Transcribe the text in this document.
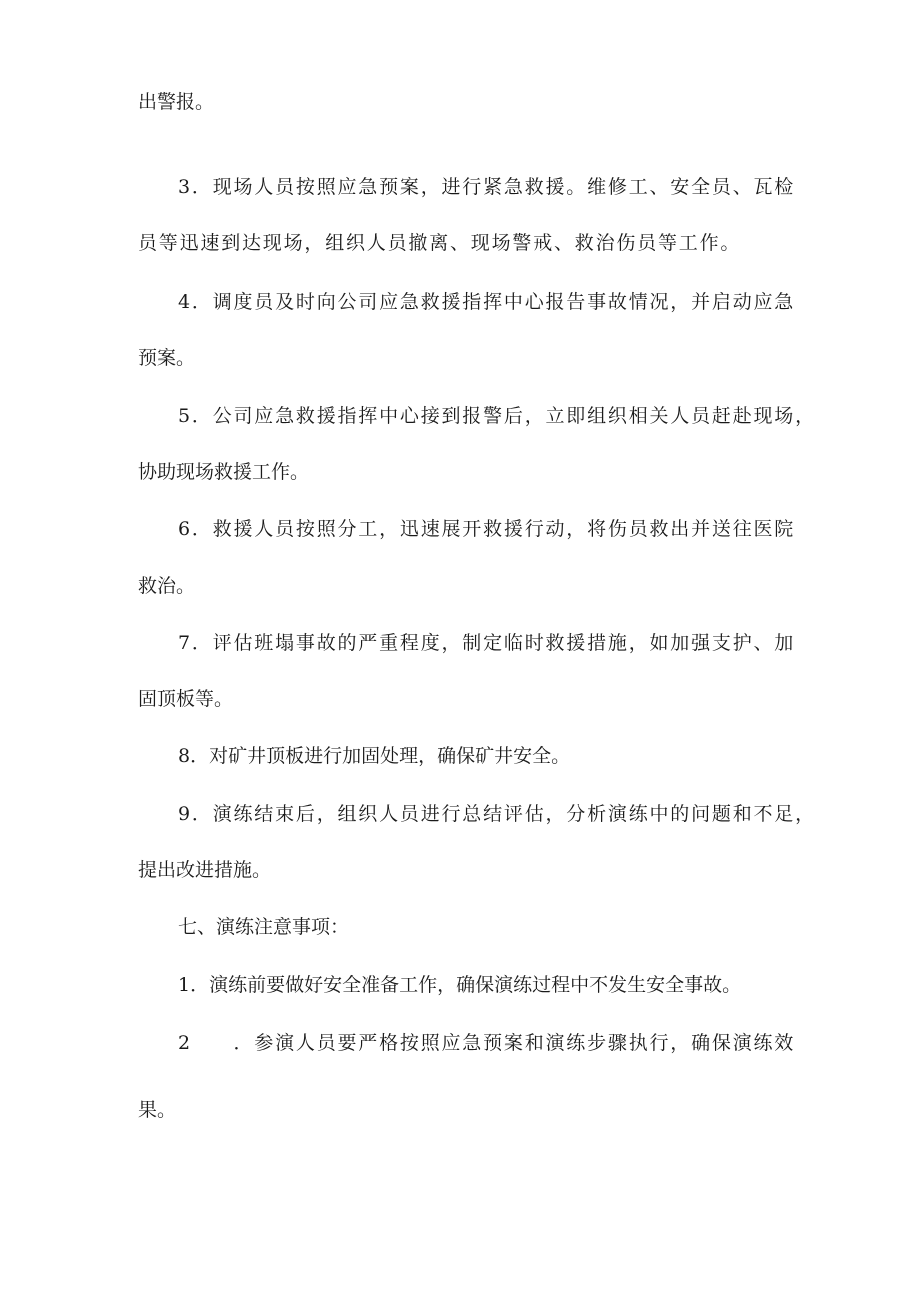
出警报。
3．现场人员按照应急预案，进行紧急救援。维修工、安全员、瓦检
员等迅速到达现场，组织人员撤离、现场警戒、救治伤员等工作。
4．调度员及时向公司应急救援指挥中心报告事故情况，并启动应急
预案。
5．公司应急救援指挥中心接到报警后，立即组织相关人员赶赴现场，
协助现场救援工作。
6．救援人员按照分工，迅速展开救援行动，将伤员救出并送往医院
救治。
7．评估班塌事故的严重程度，制定临时救援措施，如加强支护、加
固顶板等。
8．对矿井顶板进行加固处理，确保矿井安全。
9．演练结束后，组织人员进行总结评估，分析演练中的问题和不足，
提出改进措施。
七、演练注意事项：
1．演练前要做好安全准备工作，确保演练过程中不发生安全事故。
2　　．参演人员要严格按照应急预案和演练步骤执行，确保演练效
果。
